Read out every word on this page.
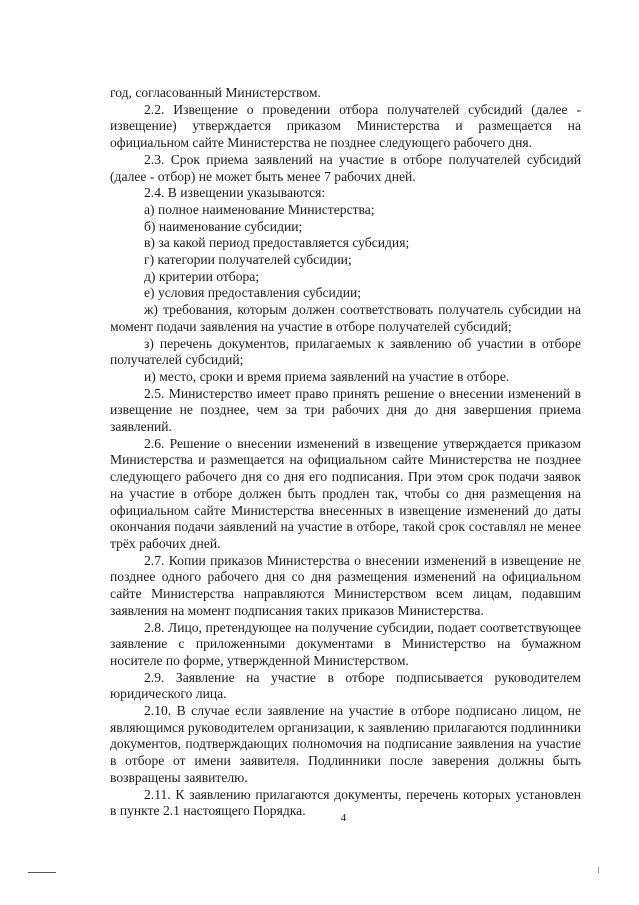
год, согласованный Министерством.

2.2. Извещение о проведении отбора получателей субсидий (далее - извещение) утверждается приказом Министерства и размещается на официальном сайте Министерства не позднее следующего рабочего дня.

2.3. Срок приема заявлений на участие в отборе получателей субсидий (далее - отбор) не может быть менее 7 рабочих дней.

2.4. В извещении указываются:

а) полное наименование Министерства;

б) наименование субсидии;

в) за какой период предоставляется субсидия;

г) категории получателей субсидии;

д) критерии отбора;

е) условия предоставления субсидии;

ж) требования, которым должен соответствовать получатель субсидии на момент подачи заявления на участие в отборе получателей субсидий;

з) перечень документов, прилагаемых к заявлению об участии в отборе получателей субсидий;

и) место, сроки и время приема заявлений на участие в отборе.

2.5. Министерство имеет право принять решение о внесении изменений в извещение не позднее, чем за три рабочих дня до дня завершения приема заявлений.

2.6. Решение о внесении изменений в извещение утверждается приказом Министерства и размещается на официальном сайте Министерства не позднее следующего рабочего дня со дня его подписания. При этом срок подачи заявок на участие в отборе должен быть продлен так, чтобы со дня размещения на официальном сайте Министерства внесенных в извещение изменений до даты окончания подачи заявлений на участие в отборе, такой срок составлял не менее трёх рабочих дней.

2.7. Копии приказов Министерства о внесении изменений в извещение не позднее одного рабочего дня со дня размещения изменений на официальном сайте Министерства направляются Министерством всем лицам, подавшим заявления на момент подписания таких приказов Министерства.

2.8. Лицо, претендующее на получение субсидии, подает соответствующее заявление с приложенными документами в Министерство на бумажном носителе по форме, утвержденной Министерством.

2.9. Заявление на участие в отборе подписывается руководителем юридического лица.

2.10. В случае если заявление на участие в отборе подписано лицом, не являющимся руководителем организации, к заявлению прилагаются подлинники документов, подтверждающих полномочия на подписание заявления на участие в отборе от имени заявителя. Подлинники после заверения должны быть возвращены заявителю.

2.11. К заявлению прилагаются документы, перечень которых установлен в пункте 2.1 настоящего Порядка.	4
